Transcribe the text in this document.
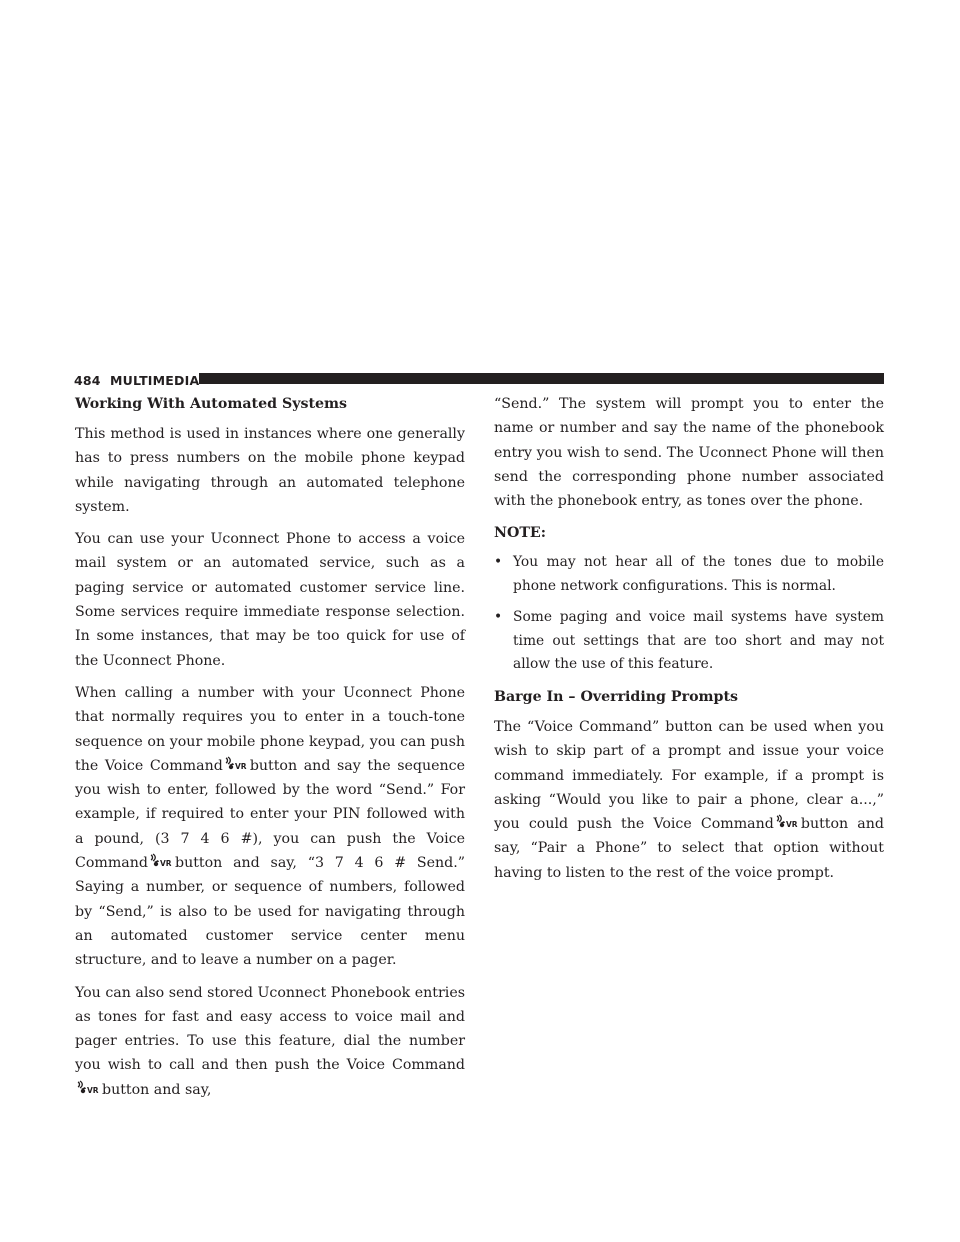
484 MULTIMEDIA
Working With Automated Systems

This method is used in instances where one generally has to press numbers on the mobile phone keypad while navigating through an automated telephone system.

You can use your Uconnect Phone to access a voice mail system or an automated service, such as a paging service or automated customer service line. Some services require immediate response selection. In some instances, that may be too quick for use of the Uconnect Phone.

When calling a number with your Uconnect Phone that normally requires you to enter in a touch-tone sequence on your mobile phone keypad, you can push the Voice Command VR button and say the sequence you wish to enter, followed by the word “Send.” For example, if required to enter your PIN followed with a pound, (3 7 4 6 #), you can push the Voice Command VR button and say, “3 7 4 6 # Send.” Saying a number, or sequence of numbers, followed by “Send,” is also to be used for navigating through an automated customer service center menu structure, and to leave a number on a pager.

You can also send stored Uconnect Phonebook entries as tones for fast and easy access to voice mail and pager entries. To use this feature, dial the number you wish to call and then push the Voice Command
VR button and say,

“Send.” The system will prompt you to enter the name or number and say the name of the phonebook entry you wish to send. The Uconnect Phone will then send the corresponding phone number associated with the phonebook entry, as tones over the phone.

NOTE:
• You may not hear all of the tones due to mobile phone network configurations. This is normal.
• Some paging and voice mail systems have system time out settings that are too short and may not allow the use of this feature.
Barge In – Overriding Prompts

The “Voice Command” button can be used when you wish to skip part of a prompt and issue your voice command immediately. For example, if a prompt is asking “Would you like to pair a phone, clear a...,” you could push the Voice Command VR button and say, “Pair a Phone” to select that option without having to listen to the rest of the voice prompt.
